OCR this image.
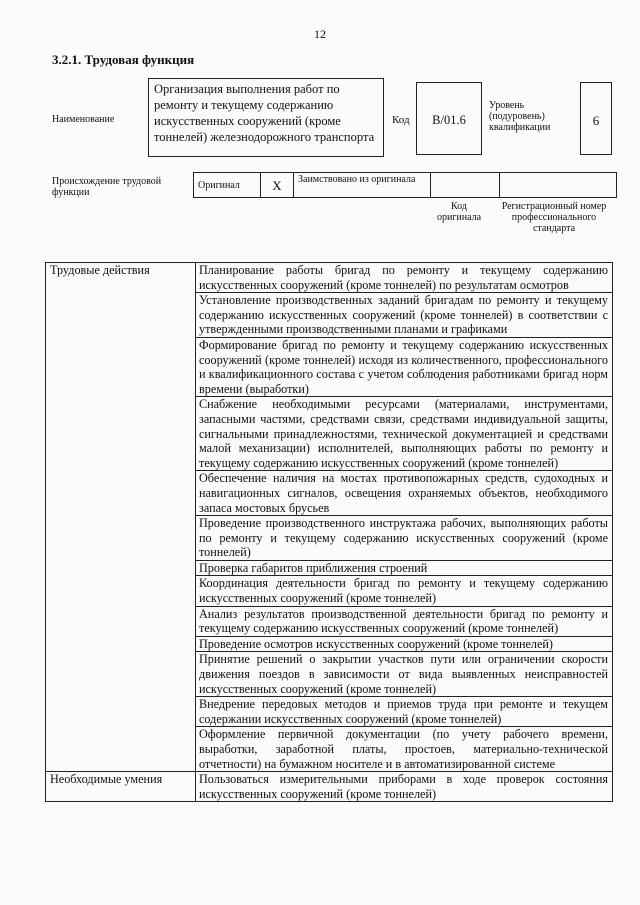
12
3.2.1. Трудовая функция
Наименование
Организация выполнения работ по ремонту и текущему содержанию искусственных сооружений (кроме тоннелей) железнодорожного транспорта
Код	B/01.6
Уровень (подуровень) квалификации	6
Происхождение трудовой функции
Оригинал	X	Заимствовано из оригинала		
Код оригинала
Регистрационный номер профессионального стандарта
Трудовые действия	Планирование работы бригад по ремонту и текущему содержанию искусственных сооружений (кроме тоннелей) по результатам осмотров
	Установление производственных заданий бригадам по ремонту и текущему содержанию искусственных сооружений (кроме тоннелей) в соответствии с утвержденными производственными планами и графиками
	Формирование бригад по ремонту и текущему содержанию искусственных сооружений (кроме тоннелей) исходя из количественного, профессионального и квалификационного состава с учетом соблюдения работниками бригад норм времени (выработки)
	Снабжение необходимыми ресурсами (материалами, инструментами, запасными частями, средствами связи, средствами индивидуальной защиты, сигнальными принадлежностями, технической документацией и средствами малой механизации) исполнителей, выполняющих работы по ремонту и текущему содержанию искусственных сооружений (кроме тоннелей)
	Обеспечение наличия на мостах противопожарных средств, судоходных и навигационных сигналов, освещения охраняемых объектов, необходимого запаса мостовых брусьев
	Проведение производственного инструктажа рабочих, выполняющих работы по ремонту и текущему содержанию искусственных сооружений (кроме тоннелей)
	Проверка габаритов приближения строений
	Координация деятельности бригад по ремонту и текущему содержанию искусственных сооружений (кроме тоннелей)
	Анализ результатов производственной деятельности бригад по ремонту и текущему содержанию искусственных сооружений (кроме тоннелей)
	Проведение осмотров искусственных сооружений (кроме тоннелей)
	Принятие решений о закрытии участков пути или ограничении скорости движения поездов в зависимости от вида выявленных неисправностей искусственных сооружений (кроме тоннелей)
	Внедрение передовых методов и приемов труда при ремонте и текущем содержании искусственных сооружений (кроме тоннелей)
	Оформление первичной документации (по учету рабочего времени, выработки, заработной платы, простоев, материально-технической отчетности) на бумажном носителе и в автоматизированной системе
Необходимые умения	Пользоваться измерительными приборами в ходе проверок состояния искусственных сооружений (кроме тоннелей)
